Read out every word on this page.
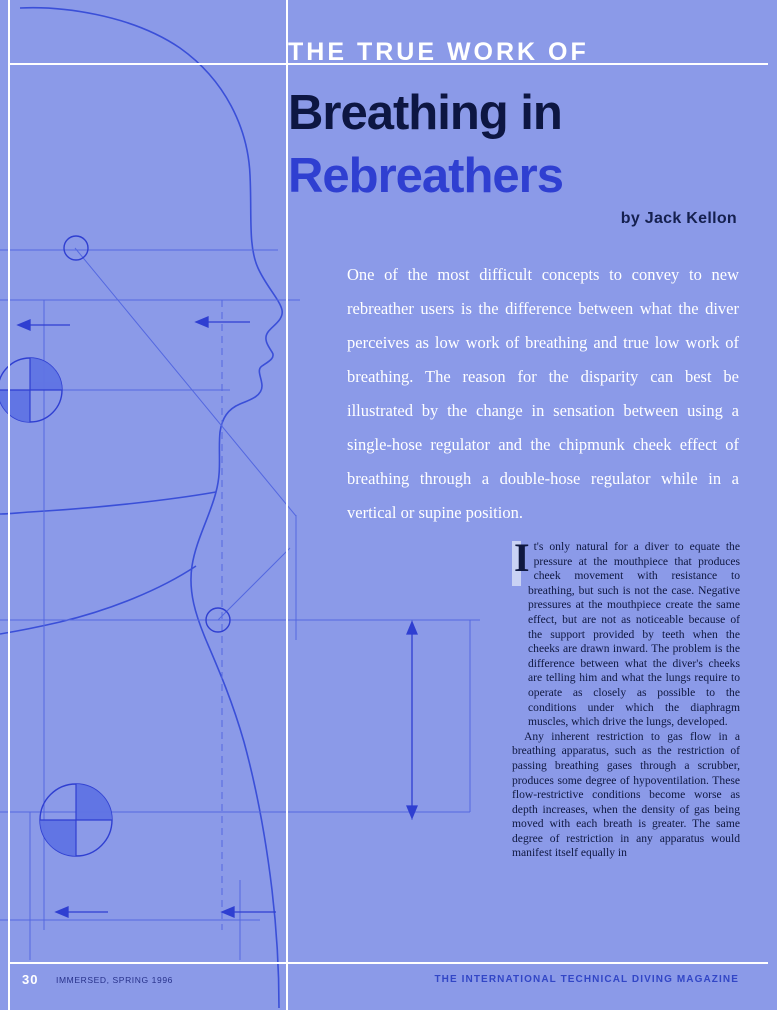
THE TRUE WORK OF
Breathing in
Rebreathers
by Jack Kellon
One of the most difficult concepts to convey to new rebreather users is the difference between what the diver perceives as low work of breathing and true low work of breathing. The reason for the disparity can best be illustrated by the change in sensation between using a single-hose regulator and the chipmunk cheek effect of breathing through a double-hose regulator while in a vertical or supine position.

It's only natural for a diver to equate the pressure at the mouthpiece that produces cheek movement with resistance to breathing, but such is not the case. Negative pressures at the mouthpiece create the same effect, but are not as noticeable because of the support provided by teeth when the cheeks are drawn inward. The problem is the difference between what the diver's cheeks are telling him and what the lungs require to operate as closely as possible to the conditions under which the diaphragm muscles, which drive the lungs, developed.

Any inherent restriction to gas flow in a breathing apparatus, such as the restriction of passing breathing gases through a scrubber, produces some degree of hypoventilation. These flow-restrictive conditions become worse as depth increases, when the density of gas being moved with each breath is greater. The same degree of restriction in any apparatus would manifest itself equally in

30 IMMERSED, SPRING 1996	THE INTERNATIONAL TECHNICAL DIVING MAGAZINE
